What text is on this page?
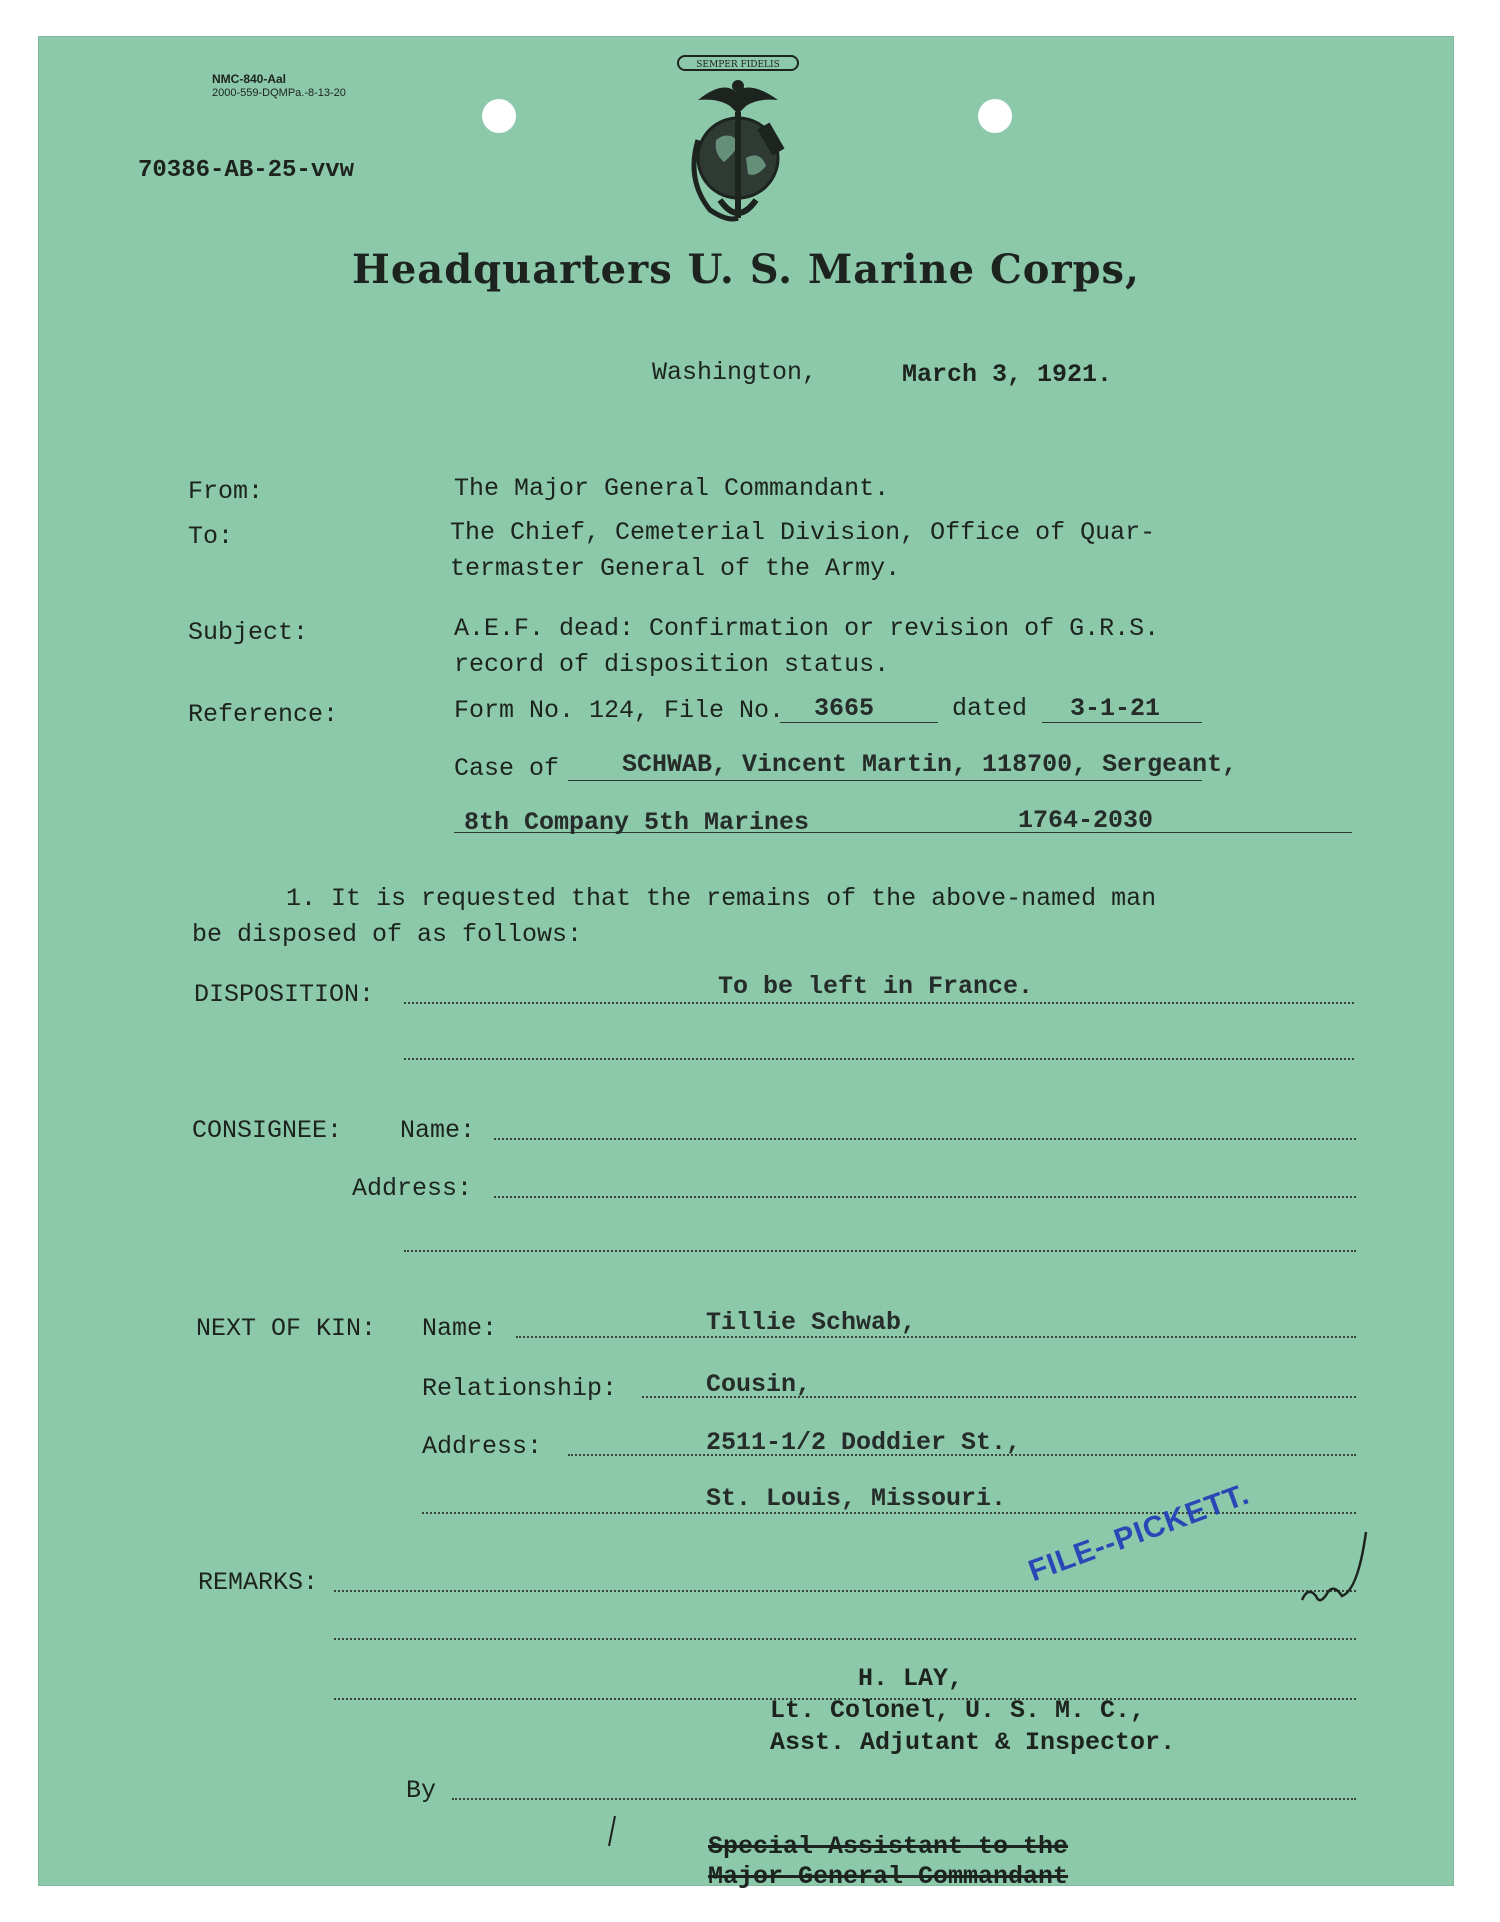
NMC-840-Aal
2000-559-DQMPa.-8-13-20
70386-AB-25-vvw
SEMPER FIDELIS
Headquarters U. S. Marine Corps,
Washington,	March 3, 1921.
From:	The Major General Commandant.
To:	The Chief, Cemeterial Division, Office of Quar-
termaster General of the Army.
Subject:	A.E.F. dead: Confirmation or revision of G.R.S.
record of disposition status.
Reference:	Form No. 124, File No. 3665	dated 3-1-21
Case of	SCHWAB, Vincent Martin, 118700, Sergeant,
8th Company 5th Marines	1764-2030
1. It is requested that the remains of the above-named man
be disposed of as follows:
DISPOSITION:	To be left in France.
CONSIGNEE: Name:
Address:
NEXT OF KIN: Name:	Tillie Schwab,
Relationship:	Cousin,
Address:	2511-1/2 Doddier St.,
St. Louis, Missouri.
REMARKS:	FILE--PICKETT.
H. LAY,
Lt. Colonel, U. S. M. C.,
Asst. Adjutant & Inspector.
By
Special Assistant to the
Major General Commandant
